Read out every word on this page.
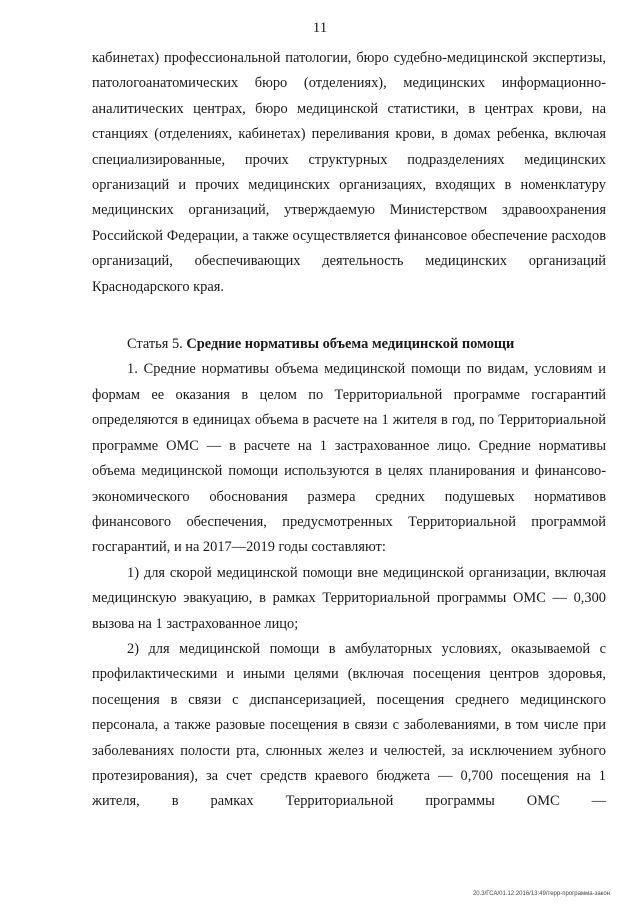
11

кабинетах) профессиональной патологии, бюро судебно-медицинской экспертизы, патологоанатомических бюро (отделениях), медицинских информационно-аналитических центрах, бюро медицинской статистики, в центрах крови, на станциях (отделениях, кабинетах) переливания крови, в домах ребенка, включая специализированные, прочих структурных подразделениях медицинских организаций и прочих медицинских организациях, входящих в номенклатуру медицинских организаций, утверждаемую Министерством здравоохранения Российской Федерации, а также осуществляется финансовое обеспечение расходов организаций, обеспечивающих деятельность медицинских организаций Краснодарского края.

Статья 5. Средние нормативы объема медицинской помощи

1. Средние нормативы объема медицинской помощи по видам, условиям и формам ее оказания в целом по Территориальной программе госгарантий определяются в единицах объема в расчете на 1 жителя в год, по Территориальной программе ОМС — в расчете на 1 застрахованное лицо. Средние нормативы объема медицинской помощи используются в целях планирования и финансово-экономического обоснования размера средних подушевых нормативов финансового обеспечения, предусмотренных Территориальной программой госгарантий, и на 2017—2019 годы составляют:

1) для скорой медицинской помощи вне медицинской организации, включая медицинскую эвакуацию, в рамках Территориальной программы ОМС — 0,300 вызова на 1 застрахованное лицо;

2) для медицинской помощи в амбулаторных условиях, оказываемой с профилактическими и иными целями (включая посещения центров здоровья, посещения в связи с диспансеризацией, посещения среднего медицинского персонала, а также разовые посещения в связи с заболеваниями, в том числе при заболеваниях полости рта, слюнных желез и челюстей, за исключением зубного протезирования), за счет средств краевого бюджета — 0,700 посещения на 1 жителя, в рамках Территориальной программы ОМС —

20.3/ГСА/01.12.2016/13:49/терр-программа-закон
